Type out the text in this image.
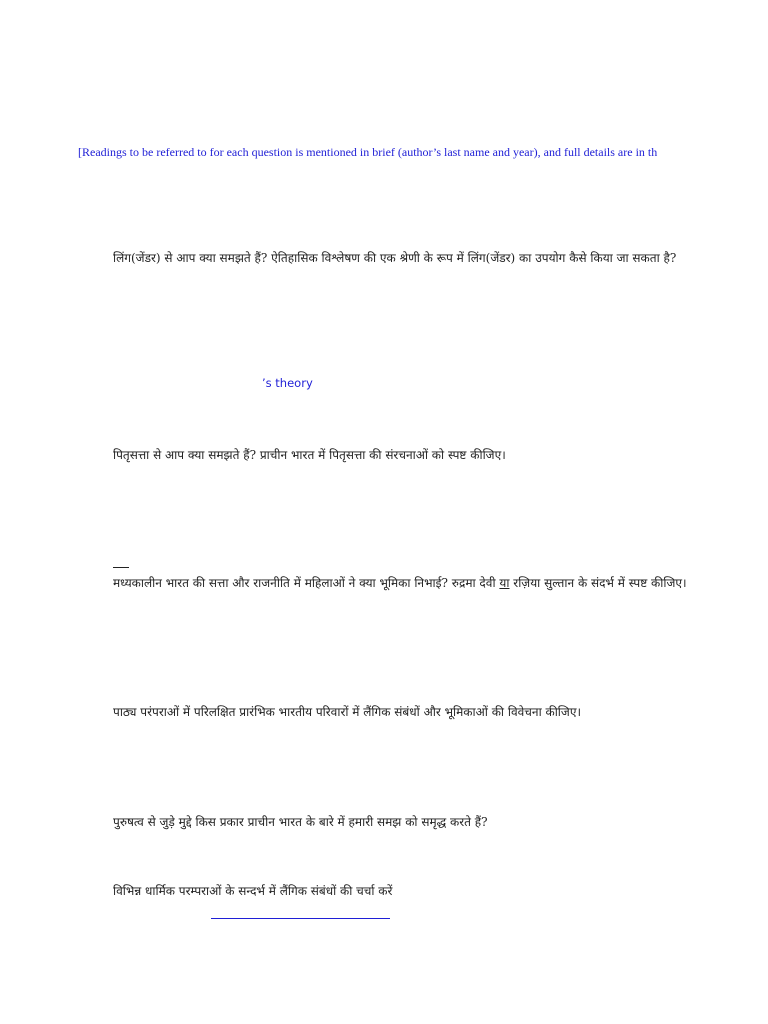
[Readings to be referred to for each question is mentioned in brief (author’s last name and year), and full details are in th
लिंग(जेंडर) से आप क्या समझते हैं? ऐतिहासिक विश्लेषण की एक श्रेणी के रूप में लिंग(जेंडर) का उपयोग कैसे किया जा सकता है?
’s theory
पितृसत्ता से आप क्या समझते हैं? प्राचीन भारत में पितृसत्ता की संरचनाओं को स्पष्ट कीजिए।
मध्यकालीन भारत की सत्ता और राजनीति में महिलाओं ने क्या भूमिका निभाई? रुद्रमा देवी या रज़िया सुल्तान के संदर्भ में स्पष्ट कीजिए।
पाठ्य परंपराओं में परिलक्षित प्रारंभिक भारतीय परिवारों में लैंगिक संबंधों और भूमिकाओं की विवेचना कीजिए।
पुरुषत्व से जुड़े मुद्दे किस प्रकार प्राचीन भारत के बारे में हमारी समझ को समृद्ध करते हैं?
विभिन्न धार्मिक परम्पराओं के सन्दर्भ में लैंगिक संबंधों की चर्चा करें
